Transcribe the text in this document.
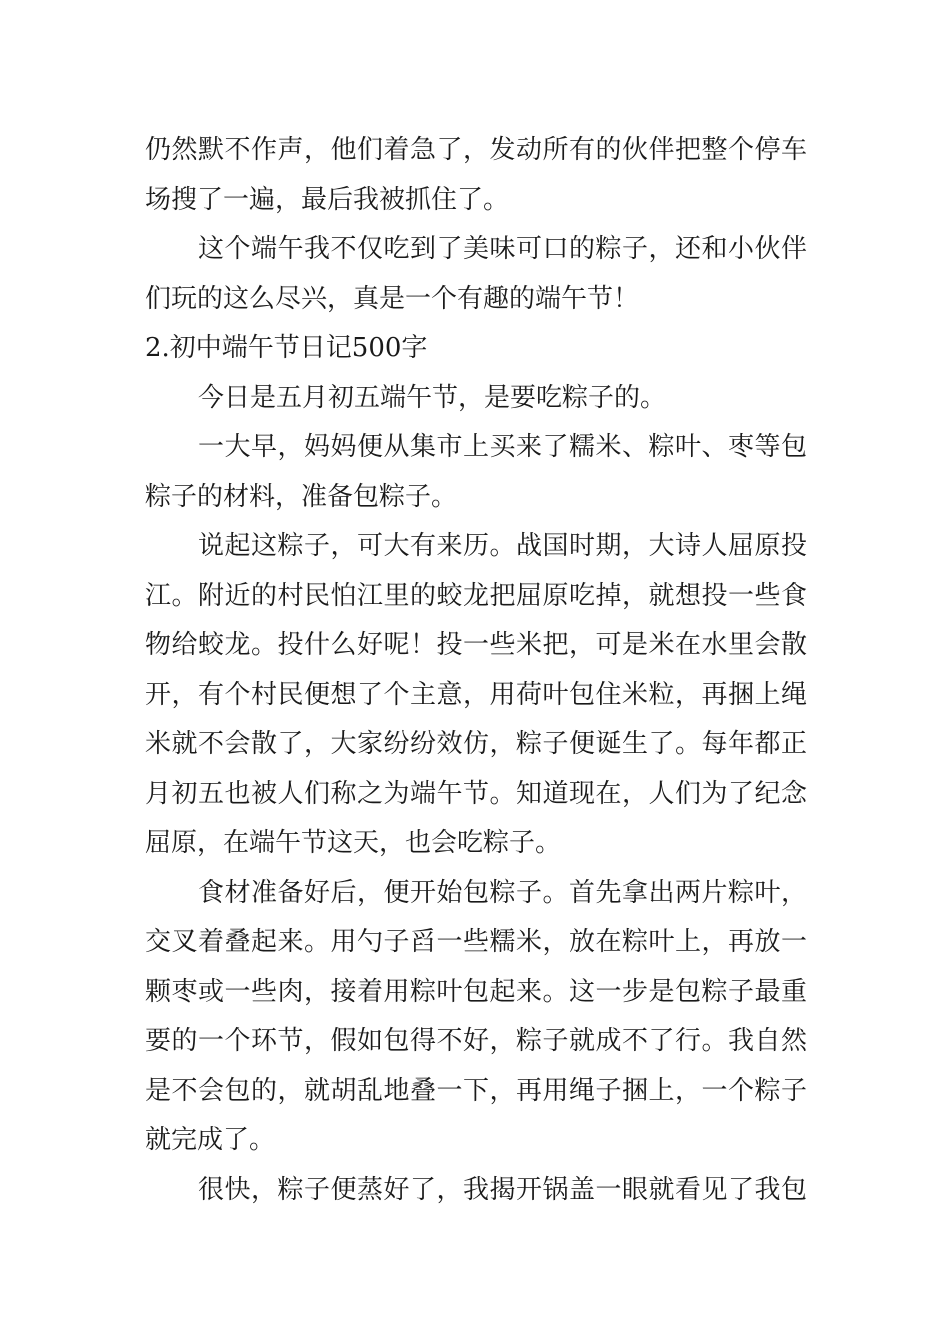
仍然默不作声，他们着急了，发动所有的伙伴把整个停车
场搜了一遍，最后我被抓住了。
这个端午我不仅吃到了美味可口的粽子，还和小伙伴
们玩的这么尽兴，真是一个有趣的端午节！
2.初中端午节日记500字
今日是五月初五端午节，是要吃粽子的。
一大早，妈妈便从集市上买来了糯米、粽叶、枣等包
粽子的材料，准备包粽子。
说起这粽子，可大有来历。战国时期，大诗人屈原投
江。附近的村民怕江里的蛟龙把屈原吃掉，就想投一些食
物给蛟龙。投什么好呢！投一些米把，可是米在水里会散
开，有个村民便想了个主意，用荷叶包住米粒，再捆上绳
米就不会散了，大家纷纷效仿，粽子便诞生了。每年都正
月初五也被人们称之为端午节。知道现在，人们为了纪念
屈原，在端午节这天，也会吃粽子。
食材准备好后，便开始包粽子。首先拿出两片粽叶，
交叉着叠起来。用勺子舀一些糯米，放在粽叶上，再放一
颗枣或一些肉，接着用粽叶包起来。这一步是包粽子最重
要的一个环节，假如包得不好，粽子就成不了行。我自然
是不会包的，就胡乱地叠一下，再用绳子捆上，一个粽子
就完成了。
很快，粽子便蒸好了，我揭开锅盖一眼就看见了我包
